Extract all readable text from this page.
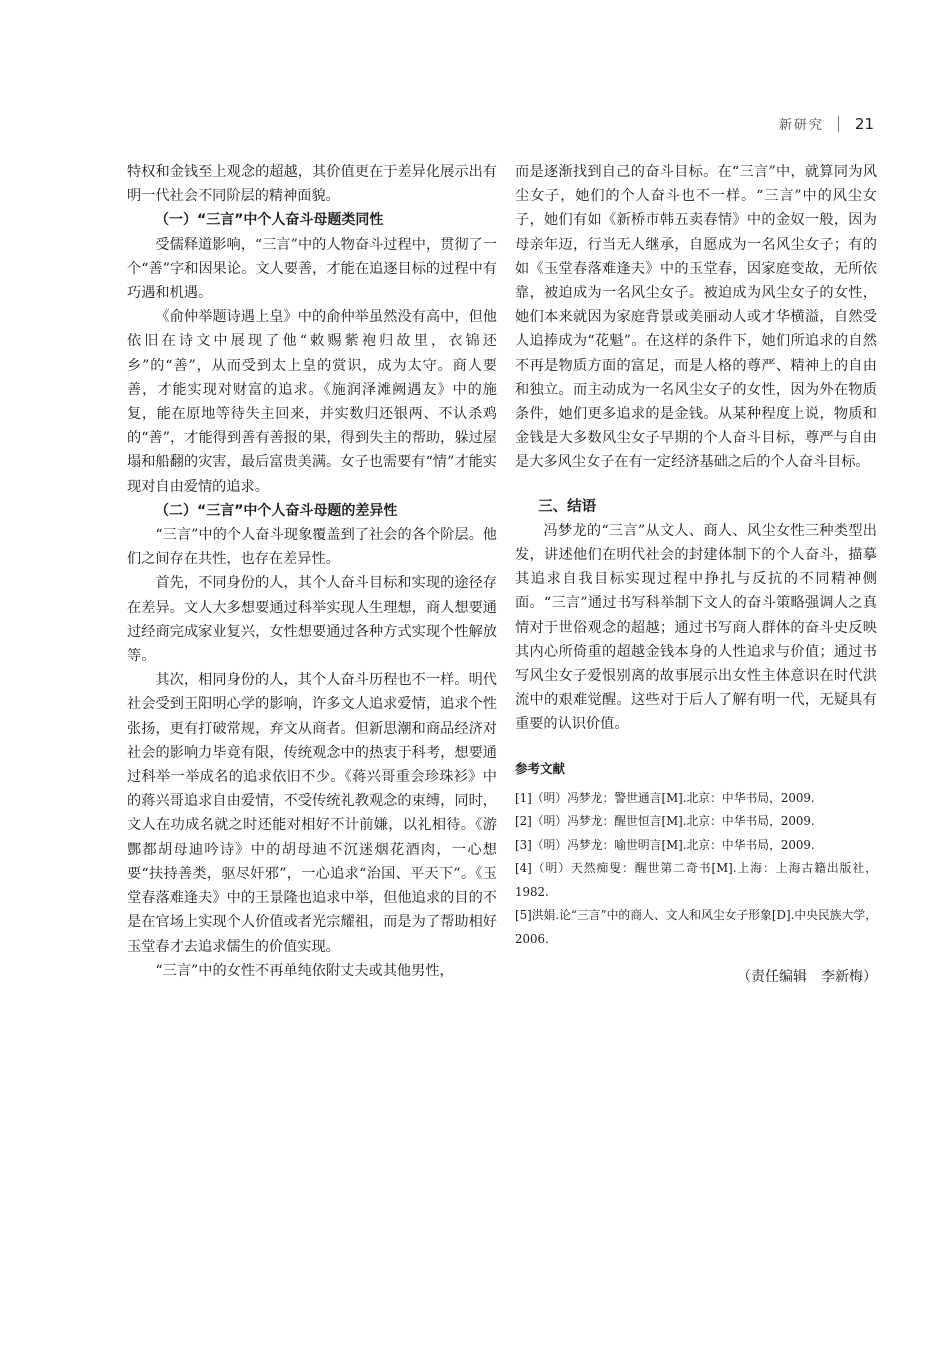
新研究 21

特权和金钱至上观念的超越，其价值更在于差异化展示出有明一代社会不同阶层的精神面貌。

（一）“三言”中个人奋斗母题类同性

受儒释道影响，“三言”中的人物奋斗过程中，贯彻了一个“善”字和因果论。文人要善，才能在追逐目标的过程中有巧遇和机遇。

《俞仲举题诗遇上皇》中的俞仲举虽然没有高中，但他依旧在诗文中展现了他“敕赐紫袍归故里，衣锦还乡”的“善”，从而受到太上皇的赏识，成为太守。商人要善，才能实现对财富的追求。《施润泽滩阙遇友》中的施复，能在原地等待失主回来，并实数归还银两、不认杀鸡的“善”，才能得到善有善报的果，得到失主的帮助，躲过屋塌和船翻的灾害，最后富贵美满。女子也需要有“情”才能实现对自由爱情的追求。

（二）“三言”中个人奋斗母题的差异性

“三言”中的个人奋斗现象覆盖到了社会的各个阶层。他们之间存在共性，也存在差异性。

首先，不同身份的人，其个人奋斗目标和实现的途径存在差异。文人大多想要通过科举实现人生理想，商人想要通过经商完成家业复兴，女性想要通过各种方式实现个性解放等。

其次，相同身份的人，其个人奋斗历程也不一样。明代社会受到王阳明心学的影响，许多文人追求爱情，追求个性张扬，更有打破常规，弃文从商者。但新思潮和商品经济对社会的影响力毕竟有限，传统观念中的热衷于科考，想要通过科举一举成名的追求依旧不少。《蒋兴哥重会珍珠衫》中的蒋兴哥追求自由爱情，不受传统礼教观念的束缚，同时，文人在功成名就之时还能对相好不计前嫌，以礼相待。《游酆都胡母迪吟诗》中的胡母迪不沉迷烟花酒肉，一心想要“扶持善类，驱尽奸邪”，一心追求“治国、平天下”。《玉堂春落难逢夫》中的王景隆也追求中举，但他追求的目的不是在官场上实现个人价值或者光宗耀祖，而是为了帮助相好玉堂春才去追求儒生的价值实现。

“三言”中的女性不再单纯依附丈夫或其他男性，

而是逐渐找到自己的奋斗目标。在“三言”中，就算同为风尘女子，她们的个人奋斗也不一样。“三言”中的风尘女子，她们有如《新桥市韩五卖春情》中的金奴一般，因为母亲年迈，行当无人继承，自愿成为一名风尘女子；有的如《玉堂春落难逢夫》中的玉堂春，因家庭变故，无所依靠，被迫成为一名风尘女子。被迫成为风尘女子的女性，她们本来就因为家庭背景或美丽动人或才华横溢，自然受人追捧成为“花魁”。在这样的条件下，她们所追求的自然不再是物质方面的富足，而是人格的尊严、精神上的自由和独立。而主动成为一名风尘女子的女性，因为外在物质条件，她们更多追求的是金钱。从某种程度上说，物质和金钱是大多数风尘女子早期的个人奋斗目标，尊严与自由是大多风尘女子在有一定经济基础之后的个人奋斗目标。

三、结语

冯梦龙的“三言”从文人、商人、风尘女性三种类型出发，讲述他们在明代社会的封建体制下的个人奋斗，描摹其追求自我目标实现过程中挣扎与反抗的不同精神侧面。“三言”通过书写科举制下文人的奋斗策略强调人之真情对于世俗观念的超越；通过书写商人群体的奋斗史反映其内心所倚重的超越金钱本身的人性追求与价值；通过书写风尘女子爱恨别离的故事展示出女性主体意识在时代洪流中的艰难觉醒。这些对于后人了解有明一代，无疑具有重要的认识价值。

参考文献
[1]（明）冯梦龙：警世通言[M].北京：中华书局，2009.
[2]（明）冯梦龙：醒世恒言[M].北京：中华书局，2009.
[3]（明）冯梦龙：喻世明言[M].北京：中华书局，2009.
[4]（明）天然痴叟：醒世第二奇书[M].上海：上海古籍出版社，1982.
[5]洪娟.论“三言”中的商人、文人和风尘女子形象[D].中央民族大学，2006.
（责任编辑　李新梅）
